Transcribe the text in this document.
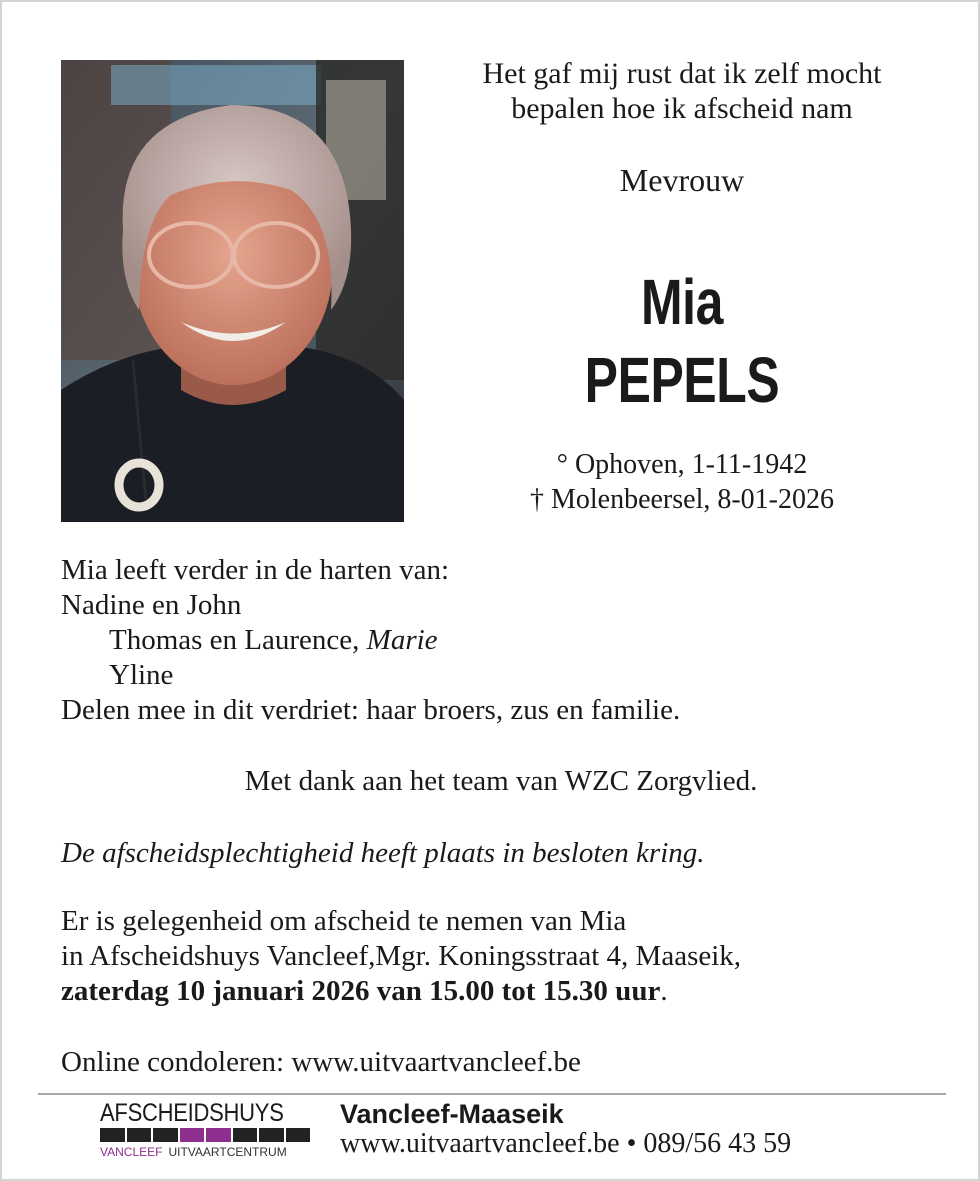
Het gaf mij rust dat ik zelf mocht
bepalen hoe ik afscheid nam
Mevrouw
Mia
PEPELS
° Ophoven, 1-11-1942
† Molenbeersel, 8-01-2026
Mia leeft verder in de harten van:
Nadine en John
Thomas en Laurence, Marie
Yline
Delen mee in dit verdriet: haar broers, zus en familie.
Met dank aan het team van WZC Zorgvlied.
De afscheidsplechtigheid heeft plaats in besloten kring.
Er is gelegenheid om afscheid te nemen van Mia
in Afscheidshuys Vancleef,Mgr. Koningsstraat 4, Maaseik,
zaterdag 10 januari 2026 van 15.00 tot 15.30 uur.
Online condoleren: www.uitvaartvancleef.be
AFSCHEIDSHUYS
VANCLEEF UITVAARTCENTRUM
Vancleef-Maaseik
www.uitvaartvancleef.be • 089/56 43 59
